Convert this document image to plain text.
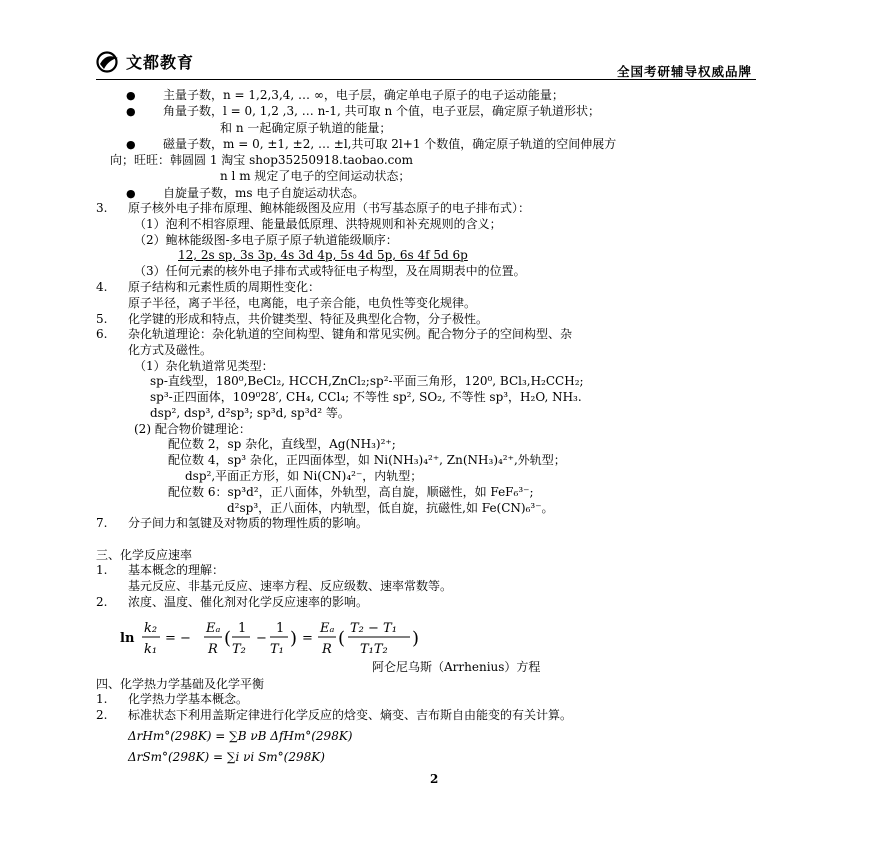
文都教育	全国考研辅导权威品牌
● 主量子数，n = 1,2,3,4, … ∞，电子层，确定单电子原子的电子运动能量；
● 角量子数，l = 0, 1,2 ,3, … n-1, 共可取 n 个值，电子亚层，确定原子轨道形状；
和 n 一起确定原子轨道的能量；
● 磁量子数，m = 0, ±1, ±2, … ±l,共可取 2l+1 个数值，确定原子轨道的空间伸展方
向；旺旺：韩圆圆 1 淘宝 shop35250918.taobao.com
n l m 规定了电子的空间运动状态；
● 自旋量子数，ms 电子自旋运动状态。
3. 原子核外电子排布原理、鲍林能级图及应用（书写基态原子的电子排布式）：
（1）泡利不相容原理、能量最低原理、洪特规则和补充规则的含义；
（2）鲍林能级图-多电子原子原子轨道能级顺序：
12, 2s sp, 3s 3p, 4s 3d 4p, 5s 4d 5p, 6s 4f 5d 6p
（3）任何元素的核外电子排布式或特征电子构型，及在周期表中的位置。
4. 原子结构和元素性质的周期性变化：
原子半径，离子半径，电离能，电子亲合能，电负性等变化规律。
5. 化学键的形成和特点，共价键类型、特征及典型化合物，分子极性。
6. 杂化轨道理论：杂化轨道的空间构型、键角和常见实例。配合物分子的空间构型、杂
化方式及磁性。
（1）杂化轨道常见类型：
sp-直线型，180⁰,BeCl₂, HCCH,ZnCl₂;sp²-平面三角形，120⁰, BCl₃,H₂CCH₂;
sp³-正四面体，109⁰28′, CH₄, CCl₄; 不等性 sp², SO₂, 不等性 sp³，H₂O, NH₃.
dsp², dsp³, d²sp³; sp³d, sp³d² 等。
(2) 配合物价键理论：
配位数 2，sp 杂化，直线型，Ag(NH₃)²⁺;
配位数 4，sp³ 杂化，正四面体型，如 Ni(NH₃)₄²⁺, Zn(NH₃)₄²⁺,外轨型；
dsp²,平面正方形，如 Ni(CN)₄²⁻，内轨型；
配位数 6：sp³d²，正八面体，外轨型，高自旋，顺磁性，如 FeF₆³⁻;
d²sp³，正八面体，内轨型，低自旋，抗磁性,如 Fe(CN)₆³⁻。
7. 分子间力和氢键及对物质的物理性质的影响。
三、化学反应速率
1. 基本概念的理解：
基元反应、非基元反应、速率方程、反应级数、速率常数等。
2. 浓度、温度、催化剂对化学反应速率的影响。
阿仑尼乌斯（Arrhenius）方程
四、化学热力学基础及化学平衡
1. 化学热力学基本概念。
2. 标准状态下利用盖斯定律进行化学反应的焓变、熵变、吉布斯自由能变的有关计算。
ΔrHm°(298K) = ∑B νB ΔfHm°(298K)
ΔrSm°(298K) = ∑i νi Sm°(298K)
ln
k₂
k₁
= −
Eₐ
R
( 1
T₂
−
1
T₁
) =
Eₐ
R
( T₂ − T₁
T₁T₂
)
2
